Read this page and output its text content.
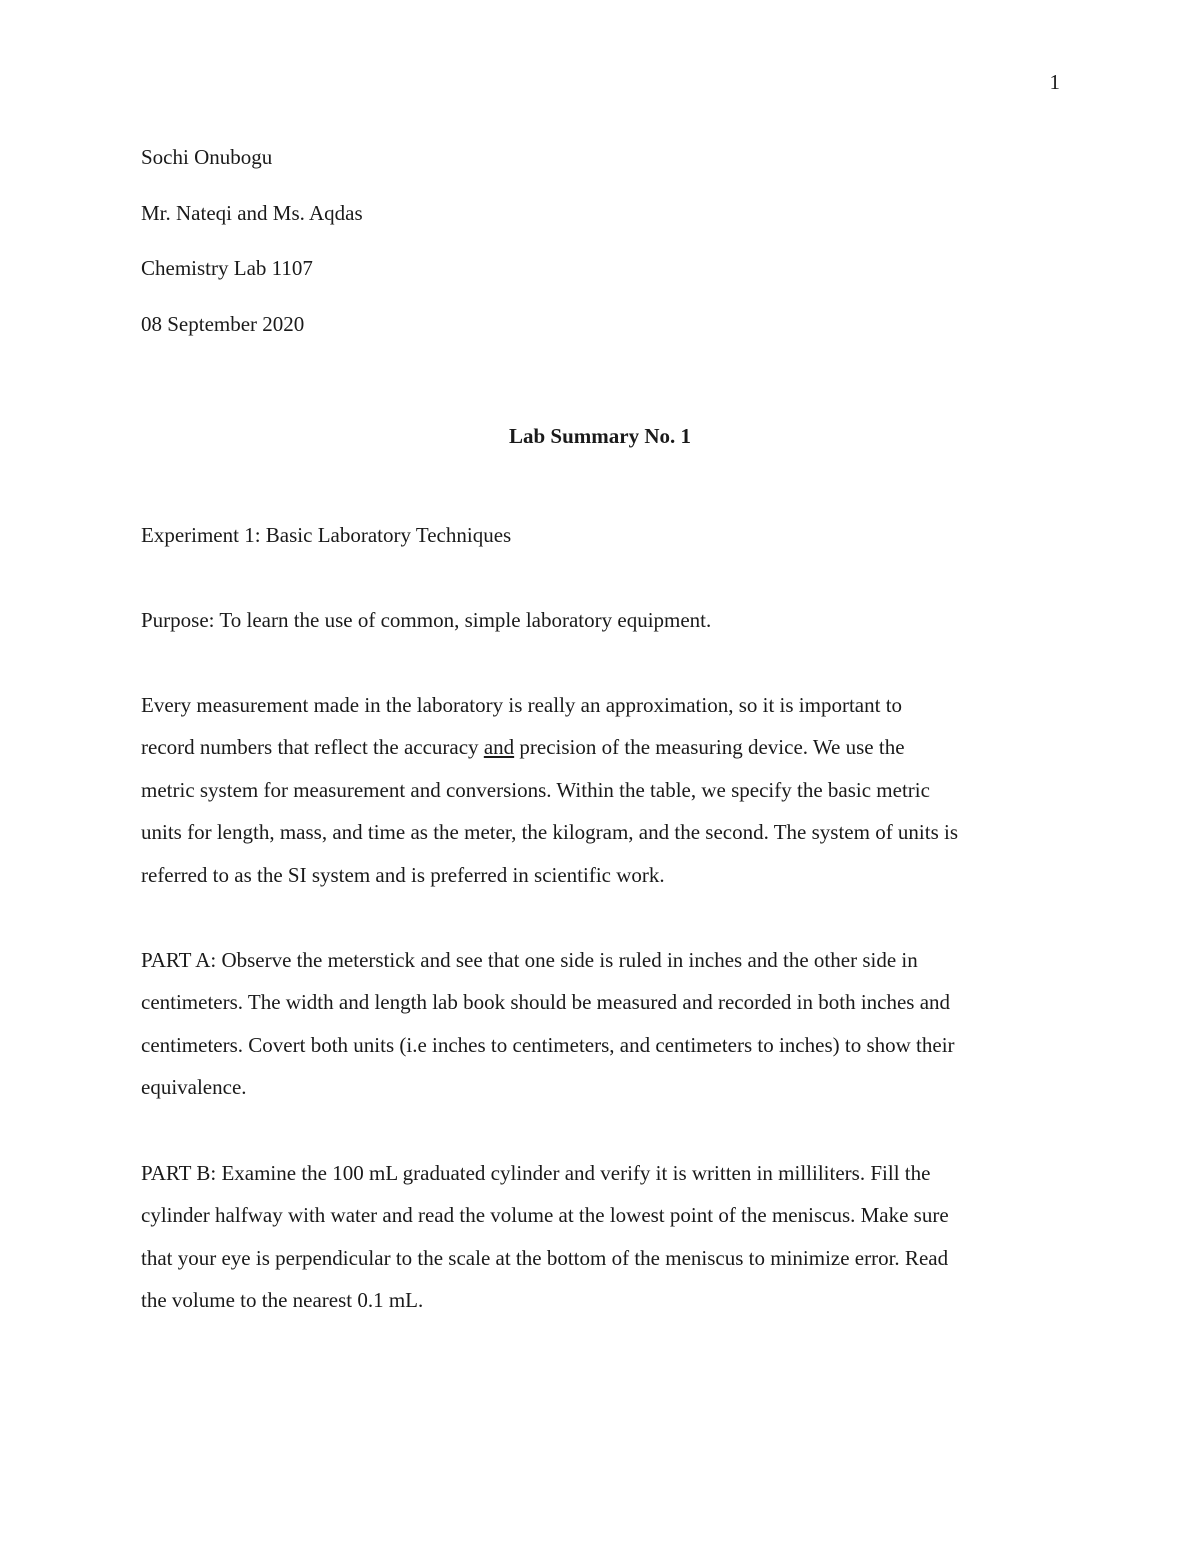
1
Sochi Onubogu
Mr. Nateqi and Ms. Aqdas
Chemistry Lab 1107
08 September 2020
Lab Summary No. 1
Experiment 1: Basic Laboratory Techniques
Purpose: To learn the use of common, simple laboratory equipment.
Every measurement made in the laboratory is really an approximation, so it is important to
record numbers that reflect the accuracy and precision of the measuring device. We use the
metric system for measurement and conversions. Within the table, we specify the basic metric
units for length, mass, and time as the meter, the kilogram, and the second. The system of units is
referred to as the SI system and is preferred in scientific work.
PART A: Observe the meterstick and see that one side is ruled in inches and the other side in
centimeters. The width and length lab book should be measured and recorded in both inches and
centimeters. Covert both units (i.e inches to centimeters, and centimeters to inches) to show their
equivalence.
PART B: Examine the 100 mL graduated cylinder and verify it is written in milliliters. Fill the
cylinder halfway with water and read the volume at the lowest point of the meniscus. Make sure
that your eye is perpendicular to the scale at the bottom of the meniscus to minimize error. Read
the volume to the nearest 0.1 mL.
